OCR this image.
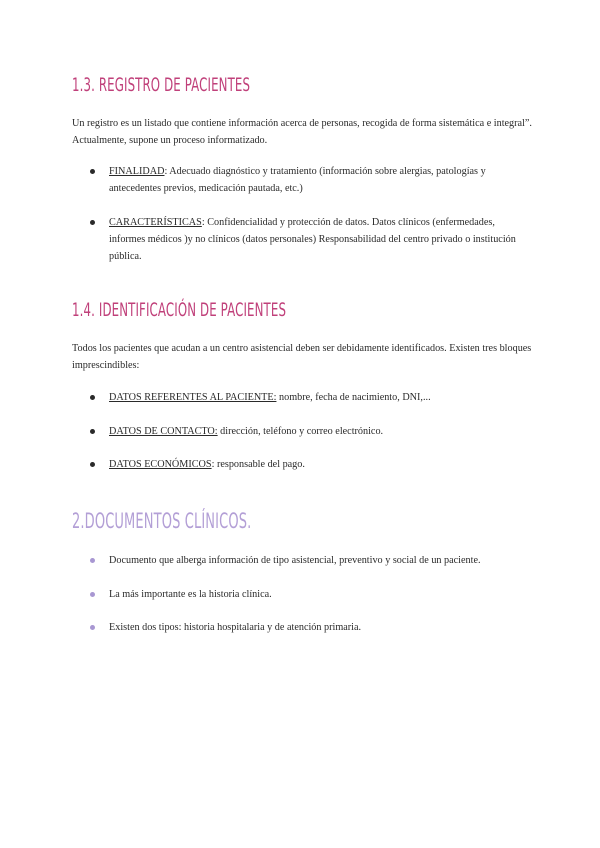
1.3. REGISTRO DE PACIENTES

Un registro es un listado que contiene información acerca de personas, recogida de forma sistemática e integral”. Actualmente, supone un proceso informatizado.

FINALIDAD: Adecuado diagnóstico y tratamiento (información sobre alergias, patologías y antecedentes previos, medicación pautada, etc.)
CARACTERÍSTICAS: Confidencialidad y protección de datos. Datos clínicos (enfermedades, informes médicos )y no clínicos (datos personales) Responsabilidad del centro privado o institución pública.
1.4. IDENTIFICACIÓN DE PACIENTES

Todos los pacientes que acudan a un centro asistencial deben ser debidamente identificados. Existen tres bloques imprescindibles:

DATOS REFERENTES AL PACIENTE: nombre, fecha de nacimiento, DNI,...
DATOS DE CONTACTO: dirección, teléfono y correo electrónico.
DATOS ECONÓMICOS: responsable del pago.
2.DOCUMENTOS CLÍNICOS.
Documento que alberga información de tipo asistencial, preventivo y social de un paciente.
La más importante es la historia clínica.
Existen dos tipos: historia hospitalaria y de atención primaria.
